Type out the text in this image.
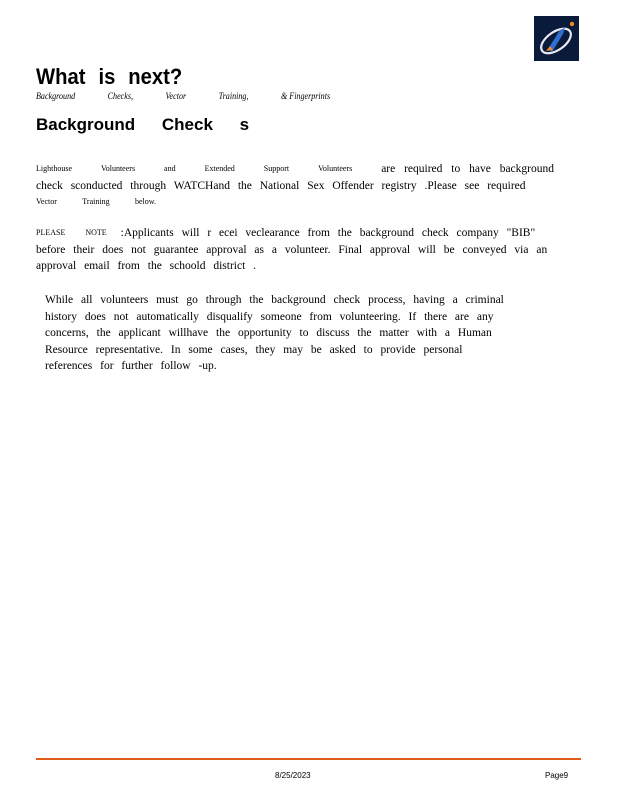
What is next?
Background	Checks,	Vector	Training,	& Fingerprints
Background Check s
Lighthouse	Volunteers	and	Extended	Support	Volunteers	are required to have background
check sconducted through WATCHand the National Sex Offender registry .Please see required
Vector	Training	below.
PLEASE NOTE :Applicants will r ecei veclearance from the background check company "BIB"
before their does not guarantee approval as a volunteer. Final approval will be conveyed via an
approval email from the schoold district .
While all volunteers must go through the background check process, having a criminal
history does not automatically disqualify someone from volunteering. If there are any
concerns, the applicant willhave the opportunity to discuss the matter with a Human
Resource representative. In some cases, they may be asked to provide personal
references for further follow -up.
8/25/2023	Page9
